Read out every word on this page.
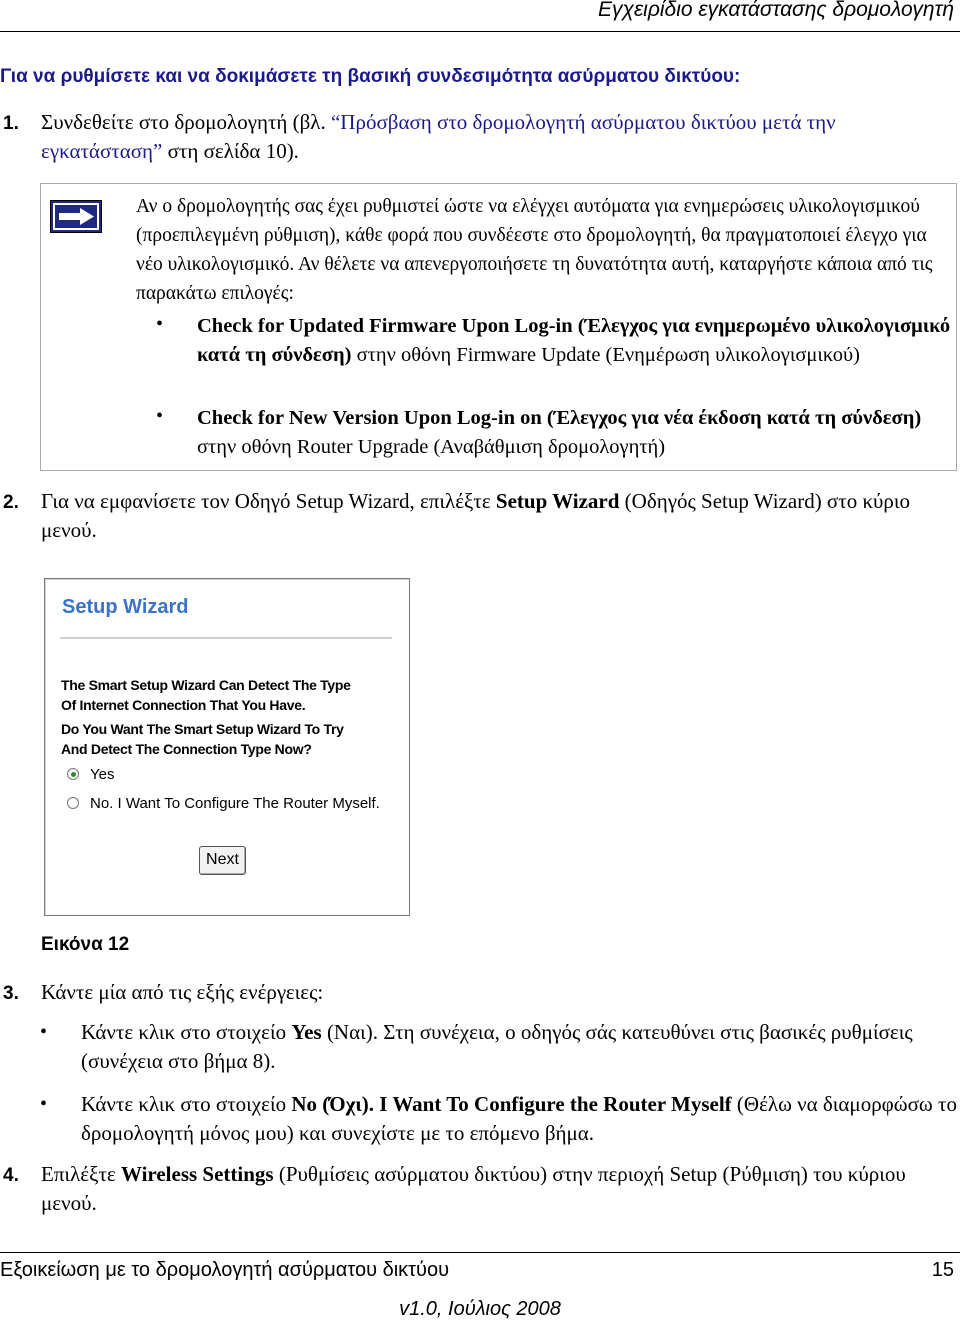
Εγχειρίδιο εγκατάστασης δρομολογητή
Για να ρυθμίσετε και να δοκιμάσετε τη βασική συνδεσιμότητα ασύρματου δικτύου:
1. Συνδεθείτε στο δρομολογητή (βλ. “Πρόσβαση στο δρομολογητή ασύρματου δικτύου μετά την εγκατάσταση” στη σελίδα 10).
Αν ο δρομολογητής σας έχει ρυθμιστεί ώστε να ελέγχει αυτόματα για ενημερώσεις υλικολογισμικού (προεπιλεγμένη ρύθμιση), κάθε φορά που συνδέεστε στο δρομολογητή, θα πραγματοποιεί έλεγχο για νέο υλικολογισμικό. Αν θέλετε να απενεργοποιήσετε τη δυνατότητα αυτή, καταργήστε κάποια από τις παρακάτω επιλογές:
• Check for Updated Firmware Upon Log-in (Έλεγχος για ενημερωμένο υλικολογισμικό κατά τη σύνδεση) στην οθόνη Firmware Update (Ενημέρωση υλικολογισμικού)
• Check for New Version Upon Log-in on (Έλεγχος για νέα έκδοση κατά τη σύνδεση) στην οθόνη Router Upgrade (Αναβάθμιση δρομολογητή)
2. Για να εμφανίσετε τον Οδηγό Setup Wizard, επιλέξτε Setup Wizard (Οδηγός Setup Wizard) στο κύριο μενού.
Setup Wizard
The Smart Setup Wizard Can Detect The Type
Of Internet Connection That You Have.
Do You Want The Smart Setup Wizard To Try
And Detect The Connection Type Now?
Yes
No. I Want To Configure The Router Myself.
Next
Εικόνα 12
3. Κάντε μία από τις εξής ενέργειες:
• Κάντε κλικ στο στοιχείο Yes (Ναι). Στη συνέχεια, ο οδηγός σάς κατευθύνει στις βασικές ρυθμίσεις (συνέχεια στο βήμα 8).
• Κάντε κλικ στο στοιχείο No (Όχι). I Want To Configure the Router Myself (Θέλω να διαμορφώσω το δρομολογητή μόνος μου) και συνεχίστε με το επόμενο βήμα.
4. Επιλέξτε Wireless Settings (Ρυθμίσεις ασύρματου δικτύου) στην περιοχή Setup (Ρύθμιση) του κύριου μενού.
Εξοικείωση με το δρομολογητή ασύρματου δικτύου	15
v1.0, Ιούλιος 2008
